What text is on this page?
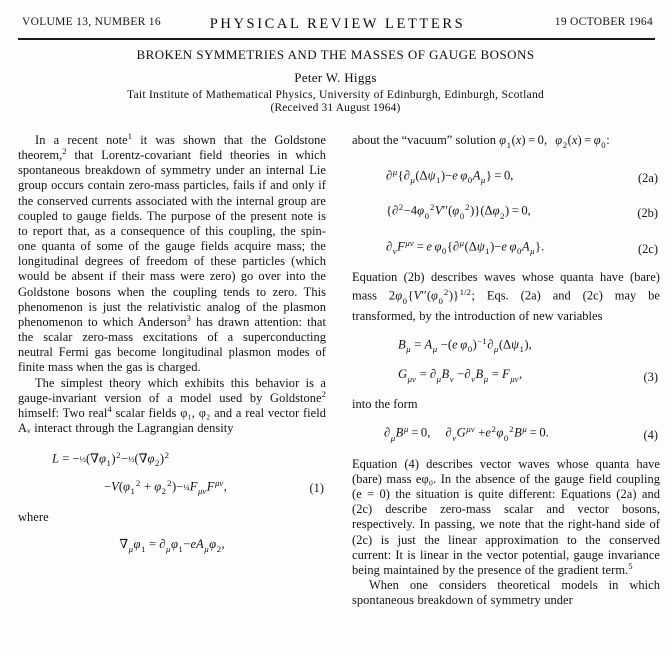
VOLUME 13, NUMBER 16	PHYSICAL REVIEW LETTERS	19 OCTOBER 1964
BROKEN SYMMETRIES AND THE MASSES OF GAUGE BOSONS
Peter W. Higgs
Tait Institute of Mathematical Physics, University of Edinburgh, Edinburgh, Scotland
(Received 31 August 1964)

In a recent note$^1$ it was shown that the Goldstone theorem,$^2$ that Lorentz-covariant field theories in which spontaneous breakdown of symmetry under an internal Lie group occurs contain zero-mass particles, fails if and only if the conserved currents associated with the internal group are coupled to gauge fields. The purpose of the present note is to report that, as a consequence of this coupling, the spin-one quanta of some of the gauge fields acquire mass; the longitudinal degrees of freedom of these particles (which would be absent if their mass were zero) go over into the Goldstone bosons when the coupling tends to zero. This phenomenon is just the relativistic analog of the plasmon phenomenon to which Anderson$^3$ has drawn attention: that the scalar zero-mass excitations of a superconducting neutral Fermi gas become longitudinal plasmon modes of finite mass when the gas is charged.

The simplest theory which exhibits this behavior is a gauge-invariant version of a model used by Goldstone$^2$ himself: Two real$^4$ scalar fields φ₁, φ₂ and a real vector field Aᵥ interact through the Lagrangian density

$L = -\frac{1}{2}(\nabla\varphi_1)^2-\frac{1}{2}(\nabla\varphi_2)^2$
$-V(\varphi_1^2$ + $\varphi_2^2)-\frac{1}{4}F_{\mu\nu}F^{\mu\nu}$,	(1)

where

$\nabla_\mu\varphi_1 = \partial_\mu\varphi_1-eA_\mu\varphi_2$,

about the “vacuum” solution $\varphi_1(x) = 0$, $\varphi_2(x) = \varphi_0$:

$\partial^\mu\{\partial_\mu(\Delta\psi_1)-e$  $\varphi_0A_\mu\} = 0$,	(2a)
$\{\partial^2-4\varphi_0^2V''(\varphi_0^2)\}(\Delta\varphi_2) = 0$,	(2b)
$\partial_\nu F^{\mu\nu} = e$  $\varphi_0\{\partial^\mu(\Delta\psi_1)-e$  $\varphi_0A_\mu$}.	(2c)

Equation (2b) describes waves whose quanta have (bare) mass $2\varphi_0\{V''(\varphi_0^2)\}^{1/2}$; Eqs. (2a) and (2c) may be transformed, by the introduction of new variables

$B_\mu = A_\mu -(e$  $\varphi_0)^{-1}\partial_\mu(\Delta\psi_1)$,
$G_{\mu\nu} = \partial_\mu B_\nu -\partial_\nu B_\mu = F_{\mu\nu}$,	(3)

into the form

$\partial_\mu B^\mu = 0$, $\partial_\nu G^{\mu\nu} +e^2\varphi_0^2B^\mu = 0$.	(4)

Equation (4) describes vector waves whose quanta have (bare) mass eφ₀. In the absence of the gauge field coupling (e = 0) the situation is quite different: Equations (2a) and (2c) describe zero-mass scalar and vector bosons, respectively. In passing, we note that the right-hand side of (2c) is just the linear approximation to the conserved current: It is linear in the vector potential, gauge invariance being maintained by the presence of the gradient term.$^5$

When one considers theoretical models in which spontaneous breakdown of symmetry under
